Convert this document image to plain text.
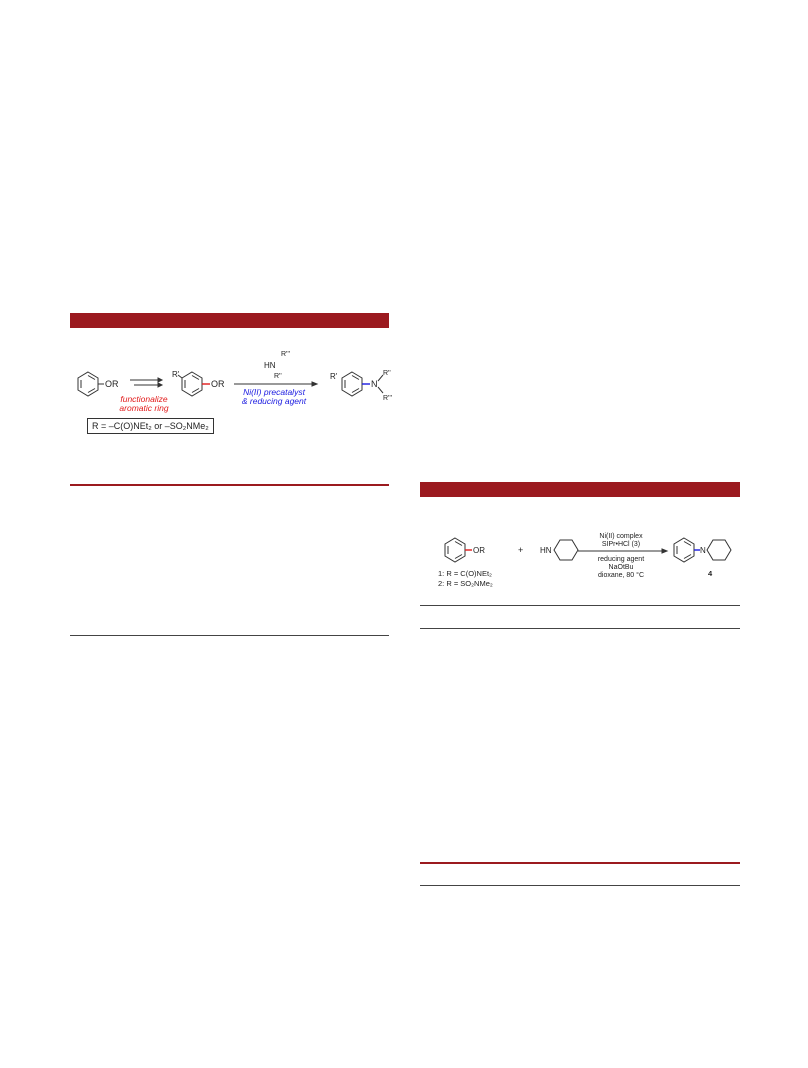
OR
functionalize
aromatic ring
R'
OR
R'''
HN
R''
Ni(II) precatalyst
& reducing agent
R'
N
R''
R'''
R = –C(O)NEt₂ or –SO₂NMe₂
OR
1: R = C(O)NEt₂
2: R = SO₂NMe₂
+ HN
Ni(II) complex
SIPr•HCl (3)
reducing agent
NaOtBu
dioxane, 80 °C
N
4
